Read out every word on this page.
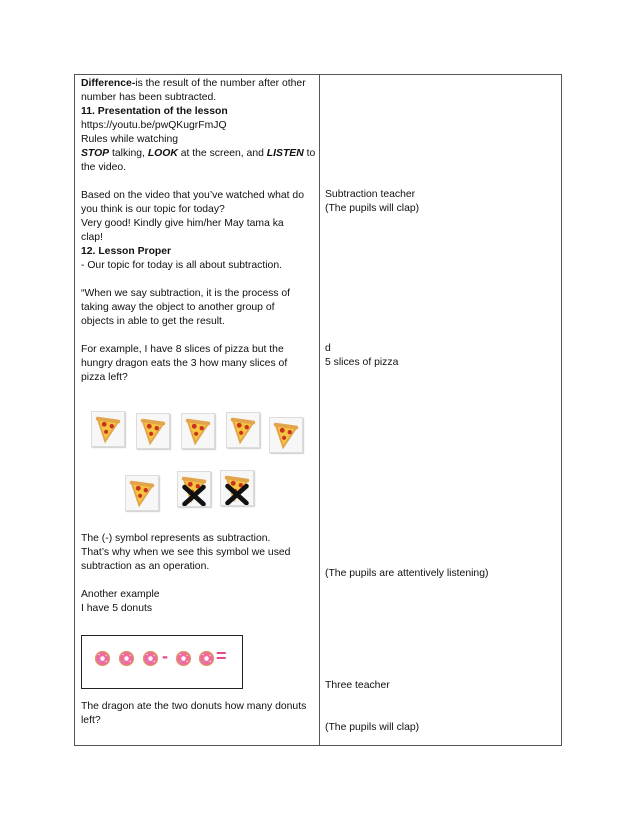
Difference-is the result of the number after other
number has been subtracted.
11. Presentation of the lesson
https://youtu.be/pwQKugrFmJQ
Rules while watching
STOP talking, LOOK at the screen, and LISTEN to
the video.
Based on the video that you’ve watched what do
you think is our topic for today?
Very good! Kindly give him/her May tama ka
clap!
12. Lesson Proper
- Our topic for today is all about subtraction.
“When we say subtraction, it is the process of
taking away the object to another group of
objects in able to get the result.
For example, I have 8 slices of pizza but the
hungry dragon eats the 3 how many slices of
pizza left?
The (-) symbol represents as subtraction.
That’s why when we see this symbol we used
subtraction as an operation.
Another example
I have 5 donuts
-	=
The dragon ate the two donuts how many donuts
left?
Subtraction teacher
(The pupils will clap)
d
5 slices of pizza
(The pupils are attentively listening)
Three teacher
(The pupils will clap)
